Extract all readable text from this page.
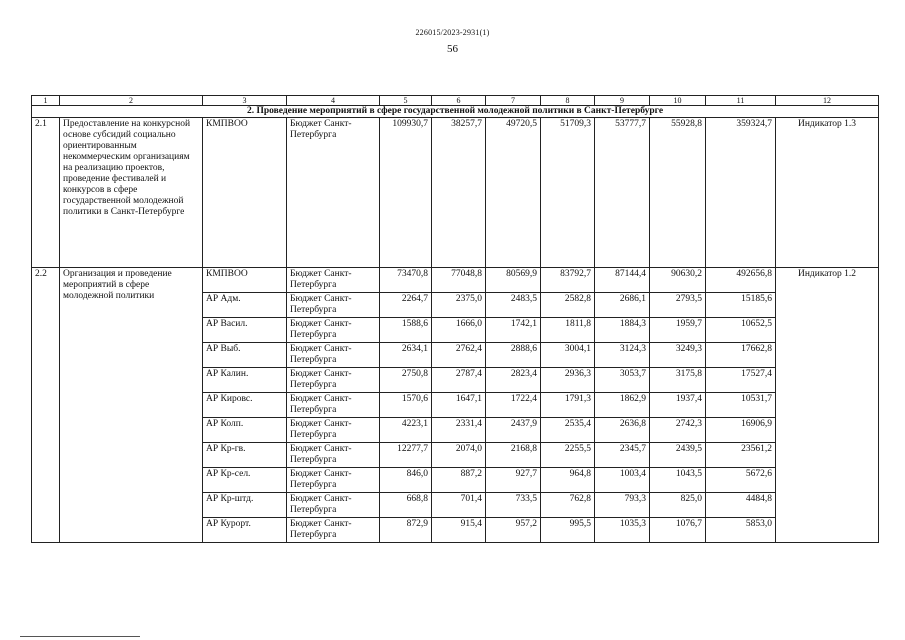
226015/2023-2931(1)
56
1	2	3	4	5	6	7	8	9	10	11	12
2. Проведение мероприятий в сфере государственной молодежной политики в Санкт-Петербурге											
2.1	Предоставление на конкурсной основе субсидий социально ориентированным некоммерческим организациям на реализацию проектов, проведение фестивалей и конкурсов в сфере государственной молодежной политики в Санкт-Петербурге	КМПВОО	Бюджет Санкт-Петербурга	109930,7	38257,7	49720,5	51709,3	53777,7	55928,8	359324,7	Индикатор 1.3
2.2	Организация и проведение мероприятий в сфере молодежной политики	КМПВОО	Бюджет Санкт-Петербурга	73470,8	77048,8	80569,9	83792,7	87144,4	90630,2	492656,8	Индикатор 1.2
		АР Адм.	Бюджет Санкт-Петербурга	2264,7	2375,0	2483,5	2582,8	2686,1	2793,5	15185,6	
		АР Васил.	Бюджет Санкт-Петербурга	1588,6	1666,0	1742,1	1811,8	1884,3	1959,7	10652,5	
		АР Выб.	Бюджет Санкт-Петербурга	2634,1	2762,4	2888,6	3004,1	3124,3	3249,3	17662,8	
		АР Калин.	Бюджет Санкт-Петербурга	2750,8	2787,4	2823,4	2936,3	3053,7	3175,8	17527,4	
		АР Кировс.	Бюджет Санкт-Петербурга	1570,6	1647,1	1722,4	1791,3	1862,9	1937,4	10531,7	
		АР Колп.	Бюджет Санкт-Петербурга	4223,1	2331,4	2437,9	2535,4	2636,8	2742,3	16906,9	
		АР Кр-гв.	Бюджет Санкт-Петербурга	12277,7	2074,0	2168,8	2255,5	2345,7	2439,5	23561,2	
		АР Кр-сел.	Бюджет Санкт-Петербурга	846,0	887,2	927,7	964,8	1003,4	1043,5	5672,6	
		АР Кр-штд.	Бюджет Санкт-Петербурга	668,8	701,4	733,5	762,8	793,3	825,0	4484,8	
		АР Курорт.	Бюджет Санкт-Петербурга	872,9	915,4	957,2	995,5	1035,3	1076,7	5853,0	
